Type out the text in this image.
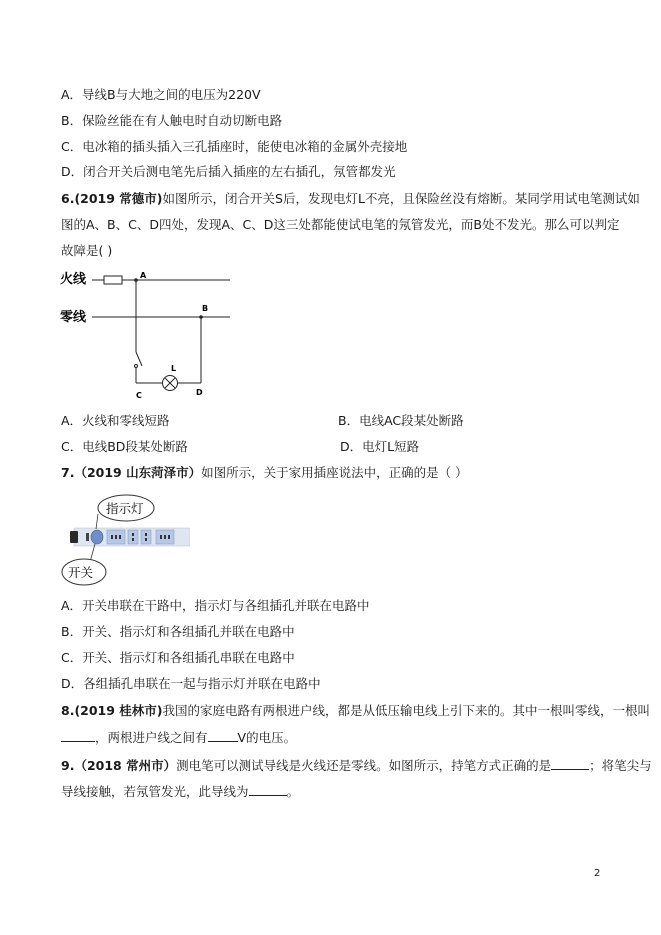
A．导线B与大地之间的电压为220V
B．保险丝能在有人触电时自动切断电路
C．电冰箱的插头插入三孔插座时，能使电冰箱的金属外壳接地
D．闭合开关后测电笔先后插入插座的左右插孔，氖管都发光
6.(2019 常德市)如图所示，闭合开关S后，发现电灯L不亮，且保险丝没有熔断。某同学用试电笔测试如
图的A、B、C、D四处，发现A、C、D这三处都能使试电笔的氖管发光，而B处不发光。那么可以判定
故障是( )
火线
零线
A
B
C
L
D
A．火线和零线短路	B．电线AC段某处断路
C．电线BD段某处断路	D．电灯L短路
7.（2019 山东菏泽市）如图所示，关于家用插座说法中，正确的是（ ）
指示灯
开关
A．开关串联在干路中，指示灯与各组插孔并联在电路中
B．开关、指示灯和各组插孔并联在电路中
C．开关、指示灯和各组插孔串联在电路中
D．各组插孔串联在一起与指示灯并联在电路中
8.(2019 桂林市)我国的家庭电路有两根进户线，都是从低压输电线上引下来的。其中一根叫零线，一根叫
，两根进户线之间有 V的电压。
9.（2018 常州市）测电笔可以测试导线是火线还是零线。如图所示，持笔方式正确的是	；将笔尖与
导线接触，若氖管发光，此导线为	。
2
